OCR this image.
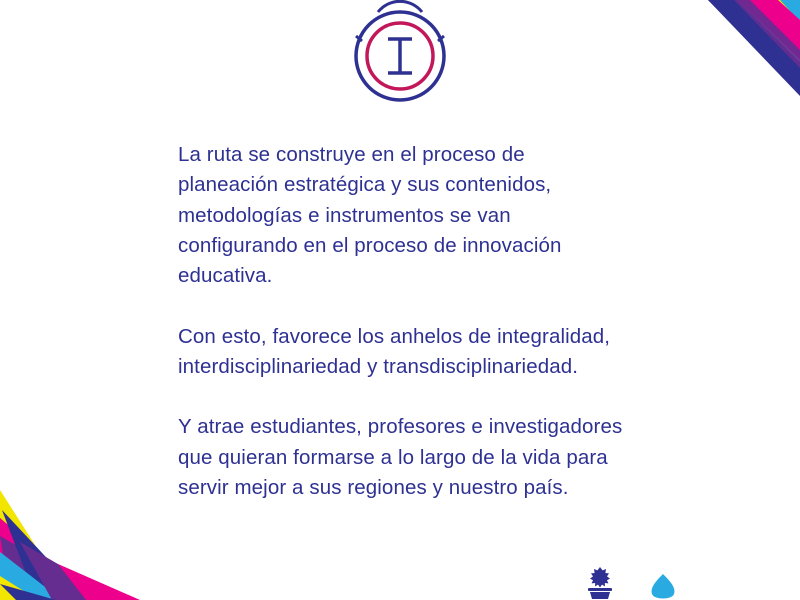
La ruta se construye en el proceso de planeación estratégica y sus contenidos, metodologías e instrumentos se van configurando en el proceso de innovación educativa.

Con esto, favorece los anhelos de integralidad, interdisciplinariedad y transdisciplinariedad.

Y atrae estudiantes, profesores e investigadores que quieran formarse a lo largo de la vida para servir mejor a sus regiones y nuestro país.
